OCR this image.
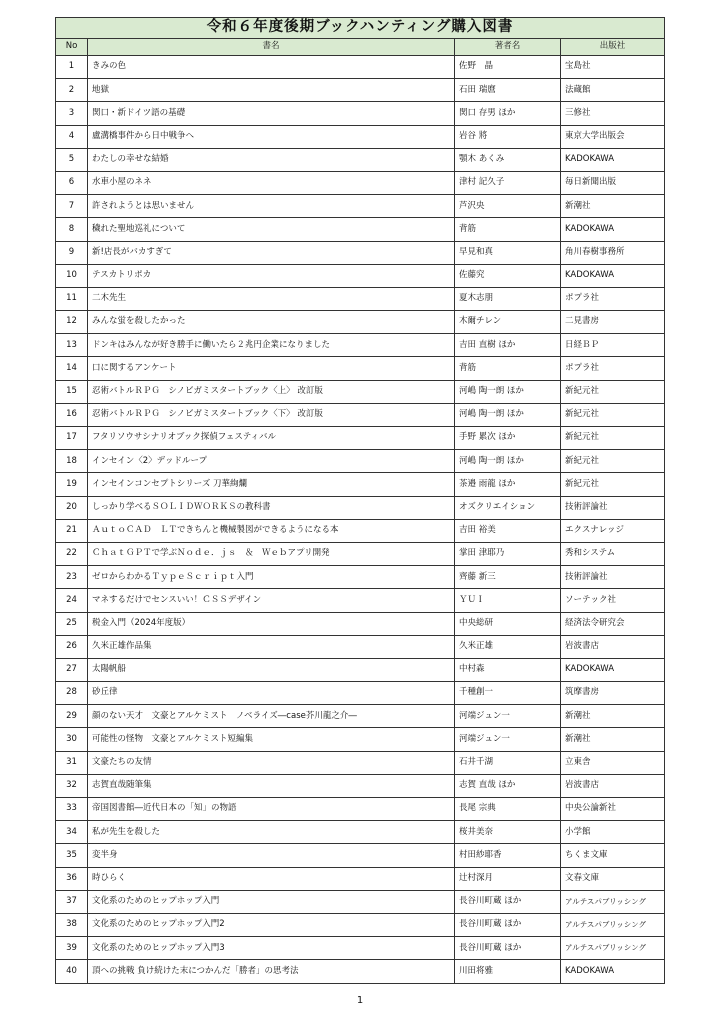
令和６年度後期ブックハンティング購入図書			
No	書名	著者名	出版社
1	きみの色	佐野　晶	宝島社
2	地獄	石田 瑞麿	法蔵館
3	関口・新ドイツ語の基礎	関口 存男 ほか	三修社
4	盧溝橋事件から日中戦争へ	岩谷 將	東京大学出版会
5	わたしの幸せな結婚	顎木 あくみ	KADOKAWA
6	水車小屋のネネ	津村 記久子	毎日新聞出版
7	許されようとは思いません	芦沢央	新潮社
8	穢れた聖地巡礼について	背筋	KADOKAWA
9	新!店長がバカすぎて	早見和真	角川春樹事務所
10	テスカトリポカ	佐藤究	KADOKAWA
11	二木先生	夏木志朋	ポプラ社
12	みんな蛍を殺したかった	木爾チレン	二見書房
13	ドンキはみんなが好き勝手に働いたら２兆円企業になりました	吉田 直樹 ほか	日経ＢＰ
14	口に関するアンケート	背筋	ポプラ社
15	忍術バトルＲＰＧ　シノビガミスタートブック〈上〉 改訂版	河嶋 陶一朗 ほか	新紀元社
16	忍術バトルＲＰＧ　シノビガミスタートブック〈下〉 改訂版	河嶋 陶一朗 ほか	新紀元社
17	フタリソウサシナリオブック探偵フェスティバル	手野 累次 ほか	新紀元社
18	インセイン〈2〉デッドループ	河嶋 陶一朗 ほか	新紀元社
19	インセインコンセプトシリーズ 刀華絢爛	茶邉 雨龍 ほか	新紀元社
20	しっかり学べるＳＯＬＩＤＷＯＲＫＳの教科書	オズクリエイション	技術評論社
21	ＡｕｔｏＣＡＤ　ＬＴできちんと機械製図ができるようになる本	吉田 裕美	エクスナレッジ
22	ＣｈａｔＧＰＴで学ぶＮｏｄｅ．ｊｓ　＆　Ｗｅｂアプリ開発	掌田 津耶乃	秀和システム
23	ゼロからわかるＴｙｐｅＳｃｒｉｐｔ入門	齊藤 新三	技術評論社
24	マネするだけでセンスいい！ＣＳＳデザイン	ＹＵＩ	ソーテック社
25	税金入門（2024年度版）	中央総研	経済法令研究会
26	久米正雄作品集	久米正雄	岩波書店
27	太陽帆船	中村森	KADOKAWA
28	砂丘律	千種創一	筑摩書房
29	顔のない天才　文豪とアルケミスト　ノベライズ―case芥川龍之介―	河端ジュン一	新潮社
30	可能性の怪物　文豪とアルケミスト短編集	河端ジュン一	新潮社
31	文豪たちの友情	石井千湖	立東舎
32	志賀直哉随筆集	志賀 直哉 ほか	岩波書店
33	帝国図書館―近代日本の「知」の物語	長尾 宗典	中央公論新社
34	私が先生を殺した	桜井美奈	小学館
35	変半身	村田紗耶香	ちくま文庫
36	時ひらく	辻村深月	文春文庫
37	文化系のためのヒップホップ入門	長谷川町蔵 ほか	アルテスパブリッシング
38	文化系のためのヒップホップ入門2	長谷川町蔵 ほか	アルテスパブリッシング
39	文化系のためのヒップホップ入門3	長谷川町蔵 ほか	アルテスパブリッシング
40	頂への挑戦 負け続けた末につかんだ「勝者」の思考法	川田将雅	KADOKAWA
1
